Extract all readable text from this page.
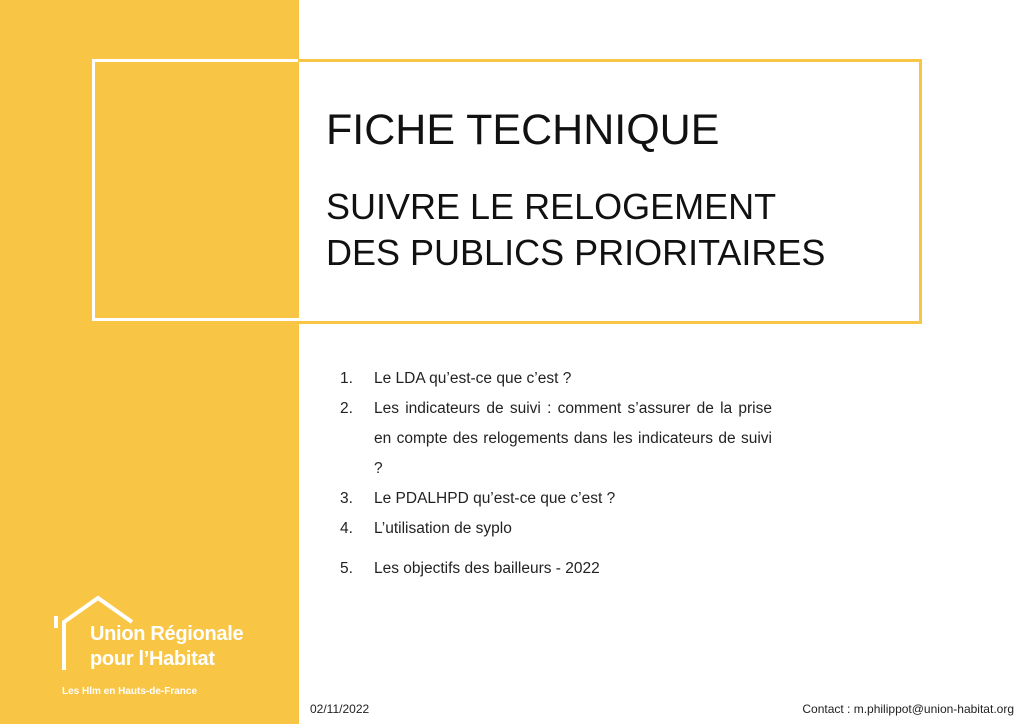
FICHE TECHNIQUE
SUIVRE LE RELOGEMENT
DES PUBLICS PRIORITAIRES
1. Le LDA qu’est-ce que c’est ?
2. Les indicateurs de suivi : comment s’assurer de la prise en compte des relogements dans les indicateurs de suivi ?
3. Le PDALHPD qu’est-ce que c’est ?
4. L’utilisation de syplo
5. Les objectifs des bailleurs - 2022
Union Régionale
pour l’Habitat
Les Hlm en Hauts-de-France
02/11/2022	Contact : m.philippot@union-habitat.org
